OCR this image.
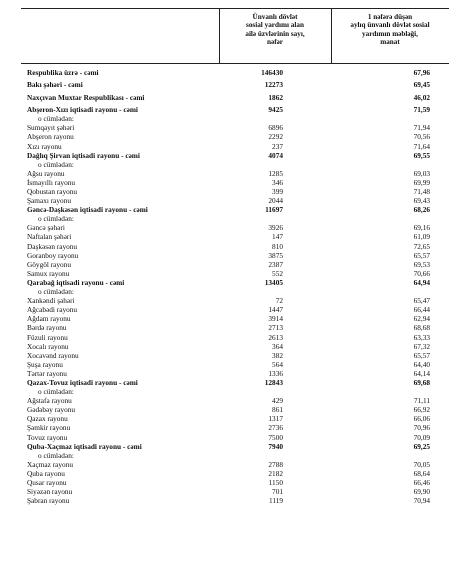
Ünvanlı dövlət
sosial yardımı alan
ailə üzvlərinin sayı,
nəfər
1 nəfərə düşən
aylıq ünvanlı dövlət sosial
yardımın məbləği,
manat
Respublika üzrə - cəmi	146430	67,96
Bakı şəhəri - cəmi	12273	69,45
Naxçıvan Muxtar Respublikası - cəmi	1862	46,02
Abşeron-Xızı iqtisadi rayonu - cəmi	9425	71,59
o cümlədən:
Sumqayıt şəhəri	6896	71,94
Abşeron rayonu	2292	70,56
Xızı rayonu	237	71,64
Dağlıq Şirvan iqtisadi rayonu - cəmi	4074	69,55
o cümlədən:
Ağsu rayonu	1285	69,03
İsmayıllı rayonu	346	69,99
Qobustan rayonu	399	71,48
Şamaxı rayonu	2044	69,43
Gəncə-Daşkəsən iqtisadi rayonu - cəmi	11697	68,26
o cümlədən:
Gəncə şəhəri	3926	69,16
Naftalan şəhəri	147	61,09
Daşkəsən rayonu	810	72,65
Goranboy rayonu	3875	65,57
Göygöl rayonu	2387	69,53
Samux rayonu	552	70,66
Qarabağ iqtisadi rayonu - cəmi	13405	64,94
o cümlədən:
Xankəndi şəhəri	72	65,47
Ağcabədi rayonu	1447	66,44
Ağdam rayonu	3914	62,94
Bərdə rayonu	2713	68,68
Füzuli rayonu	2613	63,33
Xocalı rayonu	364	67,32
Xocavənd rayonu	382	65,57
Şuşa rayonu	564	64,40
Tərtər rayonu	1336	64,14
Qazax-Tovuz iqtisadi rayonu - cəmi	12843	69,68
o cümlədən:
Ağstafa rayonu	429	71,11
Gədəbəy rayonu	861	66,92
Qazax rayonu	1317	66,06
Şəmkir rayonu	2736	70,96
Tovuz rayonu	7500	70,09
Quba-Xaçmaz iqtisadi rayonu - cəmi	7940	69,25
o cümlədən:
Xaçmaz rayonu	2788	70,05
Quba rayonu	2182	68,64
Qusar rayonu	1150	66,46
Siyəzən rayonu	701	69,90
Şabran rayonu	1119	70,94
